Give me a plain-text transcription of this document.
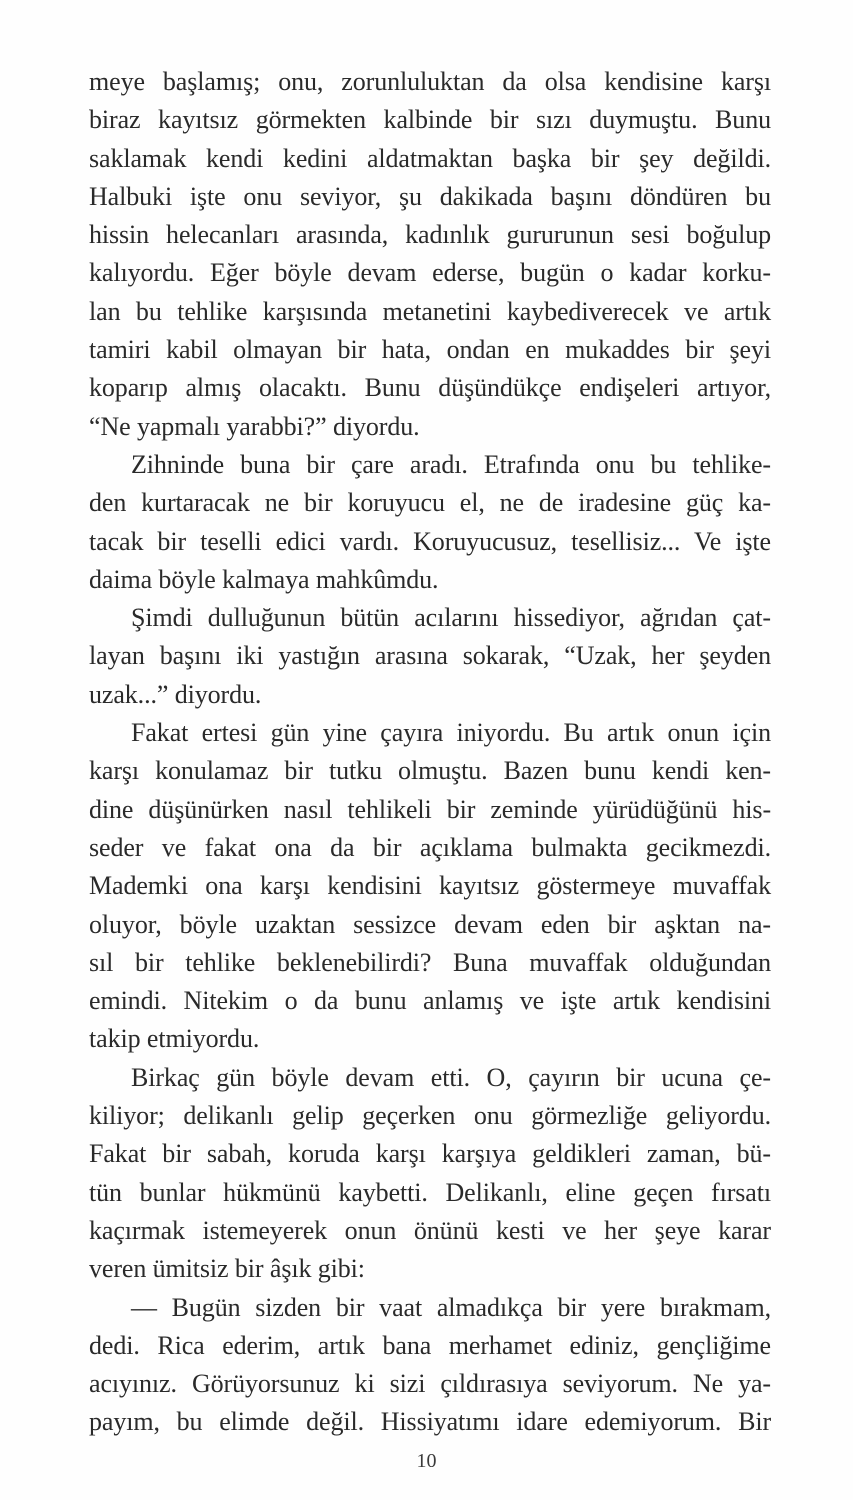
meye başlamış; onu, zorunluluktan da olsa kendisine karşı
biraz kayıtsız görmekten kalbinde bir sızı duymuştu. Bunu
saklamak kendi kedini aldatmaktan başka bir şey değildi.
Halbuki işte onu seviyor, şu dakikada başını döndüren bu
hissin helecanları arasında, kadınlık gururunun sesi boğulup
kalıyordu. Eğer böyle devam ederse, bugün o kadar korku-
lan bu tehlike karşısında metanetini kaybediverecek ve artık
tamiri kabil olmayan bir hata, ondan en mukaddes bir şeyi
koparıp almış olacaktı. Bunu düşündükçe endişeleri artıyor,
“Ne yapmalı yarabbi?” diyordu.
Zihninde buna bir çare aradı. Etrafında onu bu tehlike-
den kurtaracak ne bir koruyucu el, ne de iradesine güç ka-
tacak bir teselli edici vardı. Koruyucusuz, tesellisiz... Ve işte
daima böyle kalmaya mahkûmdu.
Şimdi dulluğunun bütün acılarını hissediyor, ağrıdan çat-
layan başını iki yastığın arasına sokarak, “Uzak, her şeyden
uzak...” diyordu.
Fakat ertesi gün yine çayıra iniyordu. Bu artık onun için
karşı konulamaz bir tutku olmuştu. Bazen bunu kendi ken-
dine düşünürken nasıl tehlikeli bir zeminde yürüdüğünü his-
seder ve fakat ona da bir açıklama bulmakta gecikmezdi.
Mademki ona karşı kendisini kayıtsız göstermeye muvaffak
oluyor, böyle uzaktan sessizce devam eden bir aşktan na-
sıl bir tehlike beklenebilirdi? Buna muvaffak olduğundan
emindi. Nitekim o da bunu anlamış ve işte artık kendisini
takip etmiyordu.
Birkaç gün böyle devam etti. O, çayırın bir ucuna çe-
kiliyor; delikanlı gelip geçerken onu görmezliğe geliyordu.
Fakat bir sabah, koruda karşı karşıya geldikleri zaman, bü-
tün bunlar hükmünü kaybetti. Delikanlı, eline geçen fırsatı
kaçırmak istemeyerek onun önünü kesti ve her şeye karar
veren ümitsiz bir âşık gibi:
— Bugün sizden bir vaat almadıkça bir yere bırakmam,
dedi. Rica ederim, artık bana merhamet ediniz, gençliğime
acıyınız. Görüyorsunuz ki sizi çıldırasıya seviyorum. Ne ya-
payım, bu elimde değil. Hissiyatımı idare edemiyorum. Bir
10
